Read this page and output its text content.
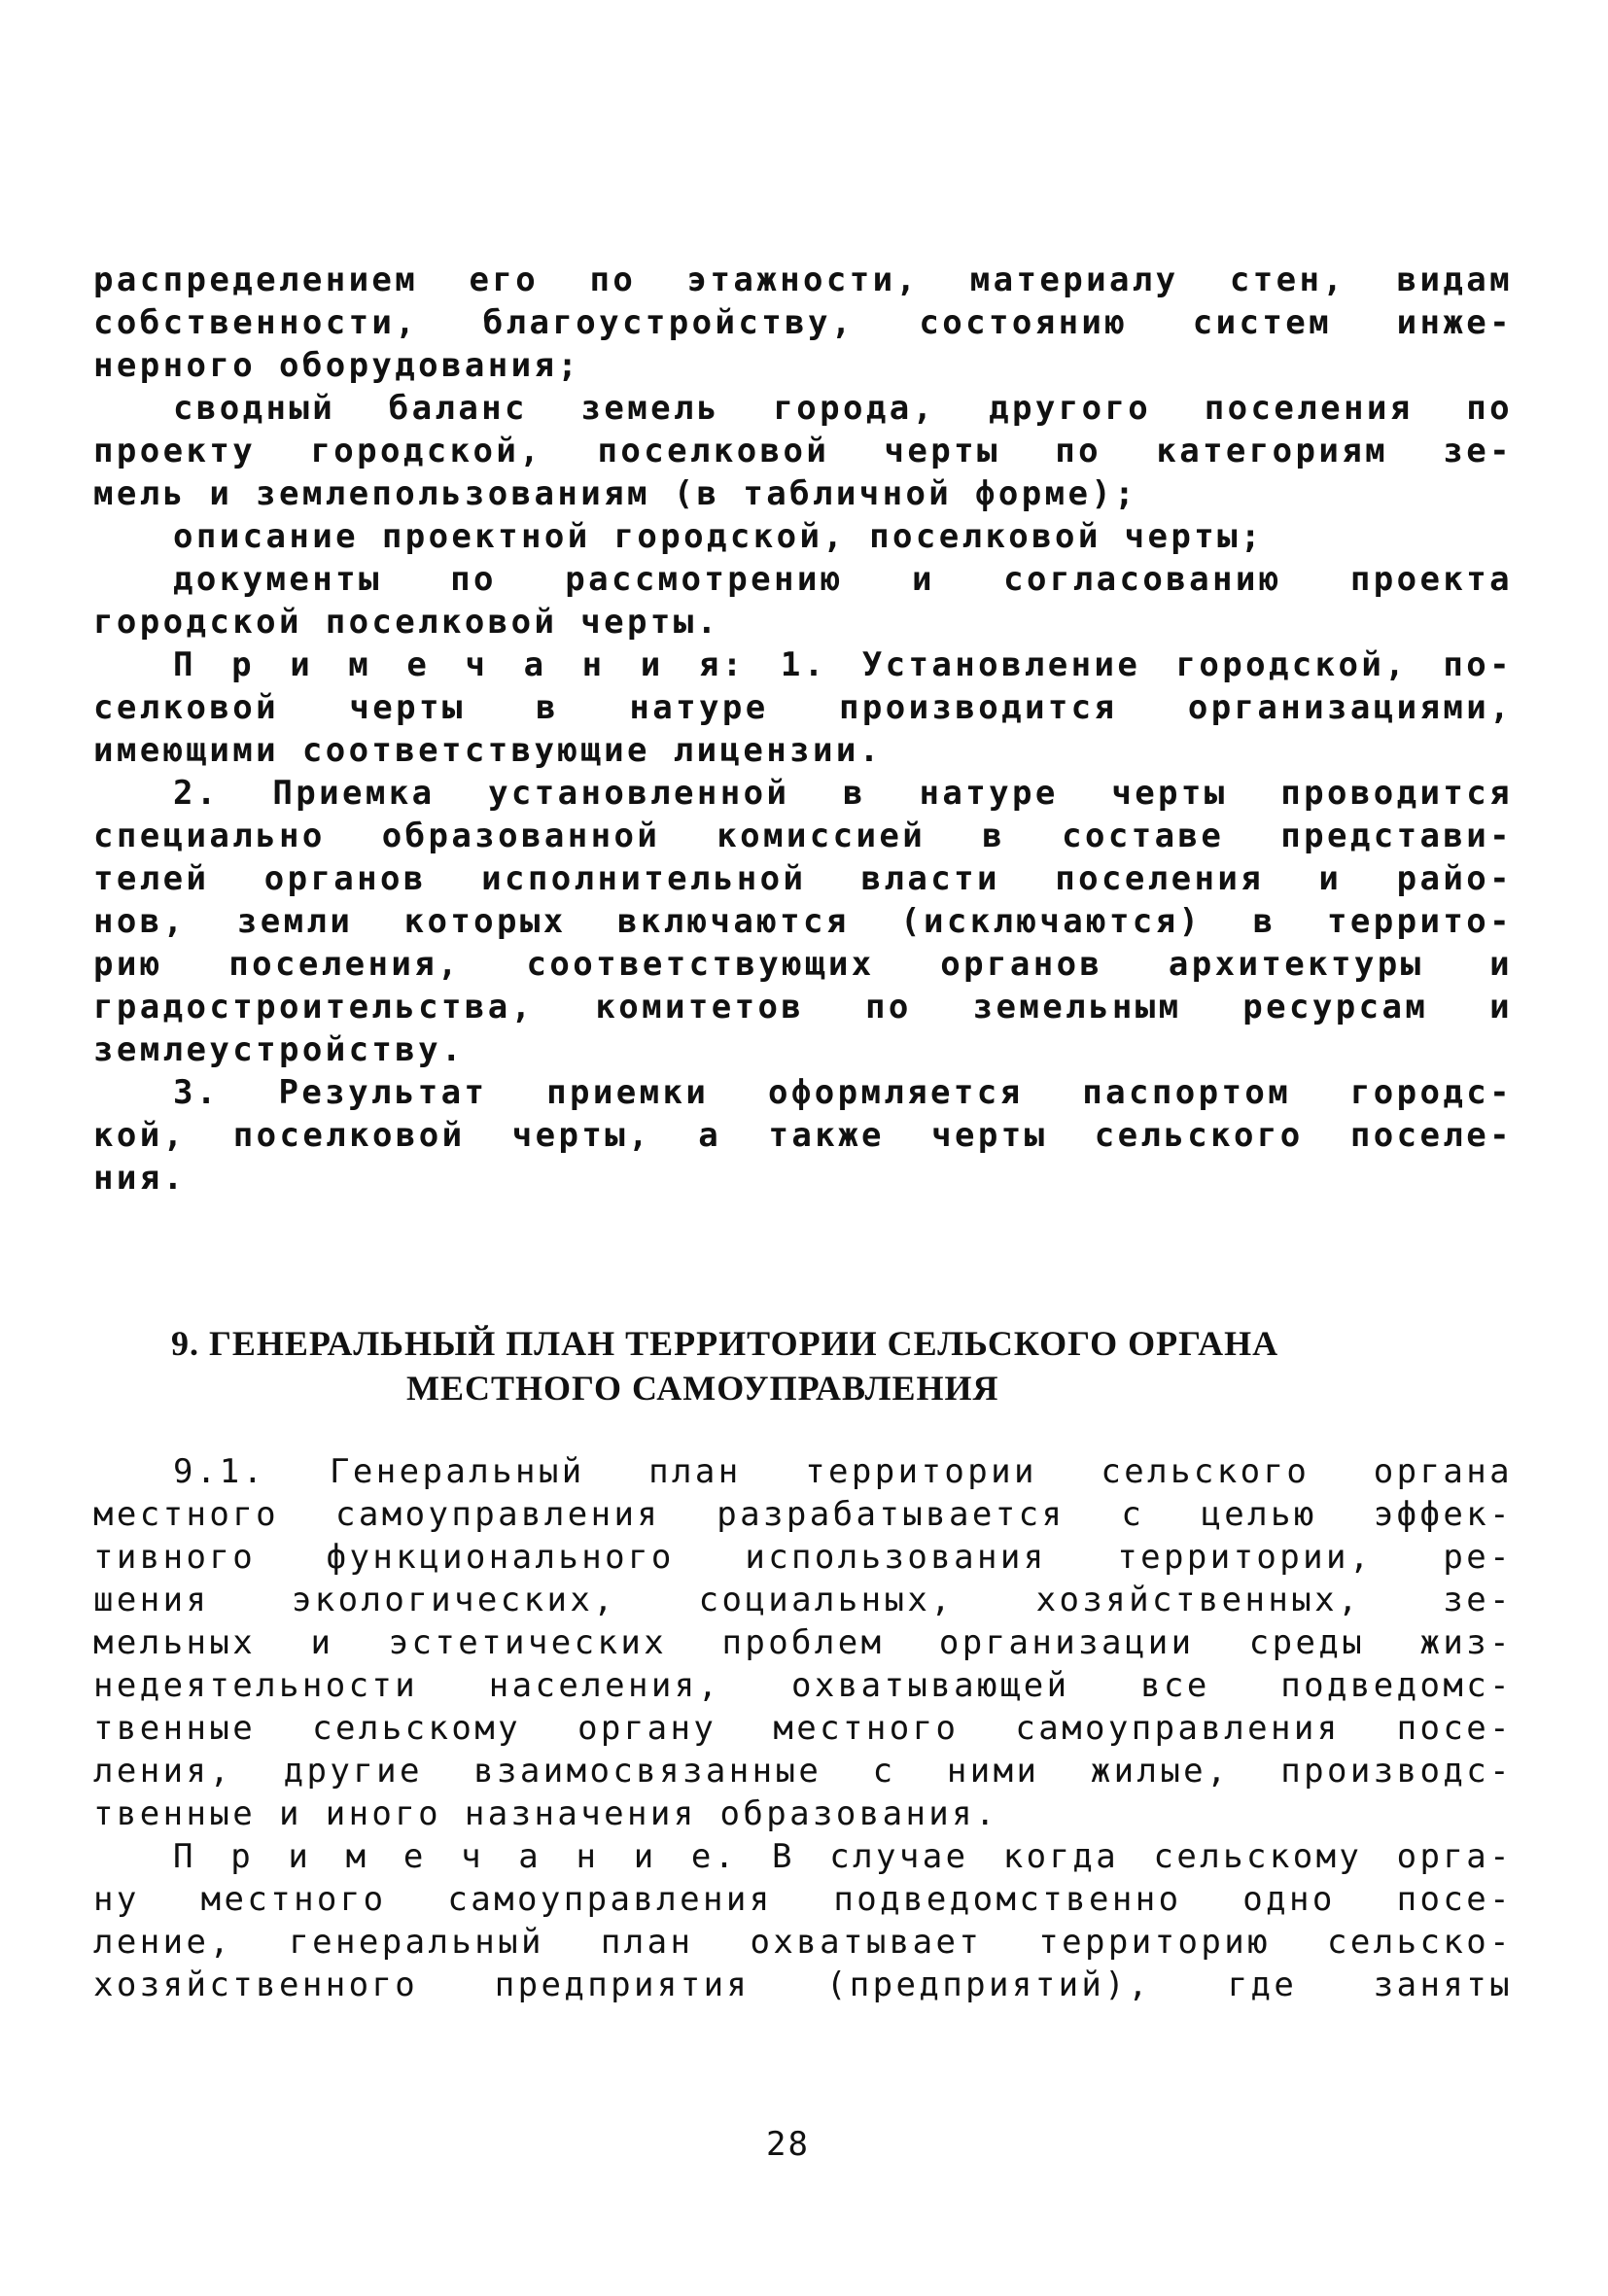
распределением его по этажности, материалу стен, видам
собственности, благоустройству, состоянию систем инже-
нерного оборудования;
сводный баланс земель города, другого поселения по
проекту городской, поселковой черты по категориям зе-
мель и землепользованиям (в табличной форме);
описание проектной городской, поселковой черты;
документы по рассмотрению и согласованию проекта
городской поселковой черты.
П р и м е ч а н и я: 1. Установление городской, по-
селковой черты в натуре производится организациями,
имеющими соответствующие лицензии.
2. Приемка установленной в натуре черты проводится
специально образованной комиссией в составе представи-
телей органов исполнительной власти поселения и райо-
нов, земли которых включаются (исключаются) в террито-
рию поселения, соответствующих органов архитектуры и
градостроительства, комитетов по земельным ресурсам и
землеустройству.
3. Результат приемки оформляется паспортом городс-
кой, поселковой черты, а также черты сельского поселе-
ния.
9. ГЕНЕРАЛЬНЫЙ ПЛАН ТЕРРИТОРИИ СЕЛЬСКОГО ОРГАНА
МЕСТНОГО САМОУПРАВЛЕНИЯ
9.1. Генеральный план территории сельского органа
местного самоуправления разрабатывается с целью эффек-
тивного функционального использования территории, ре-
шения экологических, социальных, хозяйственных, зе-
мельных и эстетических проблем организации среды жиз-
недеятельности населения, охватывающей все подведомс-
твенные сельскому органу местного самоуправления посе-
ления, другие взаимосвязанные с ними жилые, производс-
твенные и иного назначения образования.
П р и м е ч а н и е. В случае когда сельскому орга-
ну местного самоуправления подведомственно одно посе-
ление, генеральный план охватывает территорию сельско-
хозяйственного предприятия (предприятий), где заняты
28
